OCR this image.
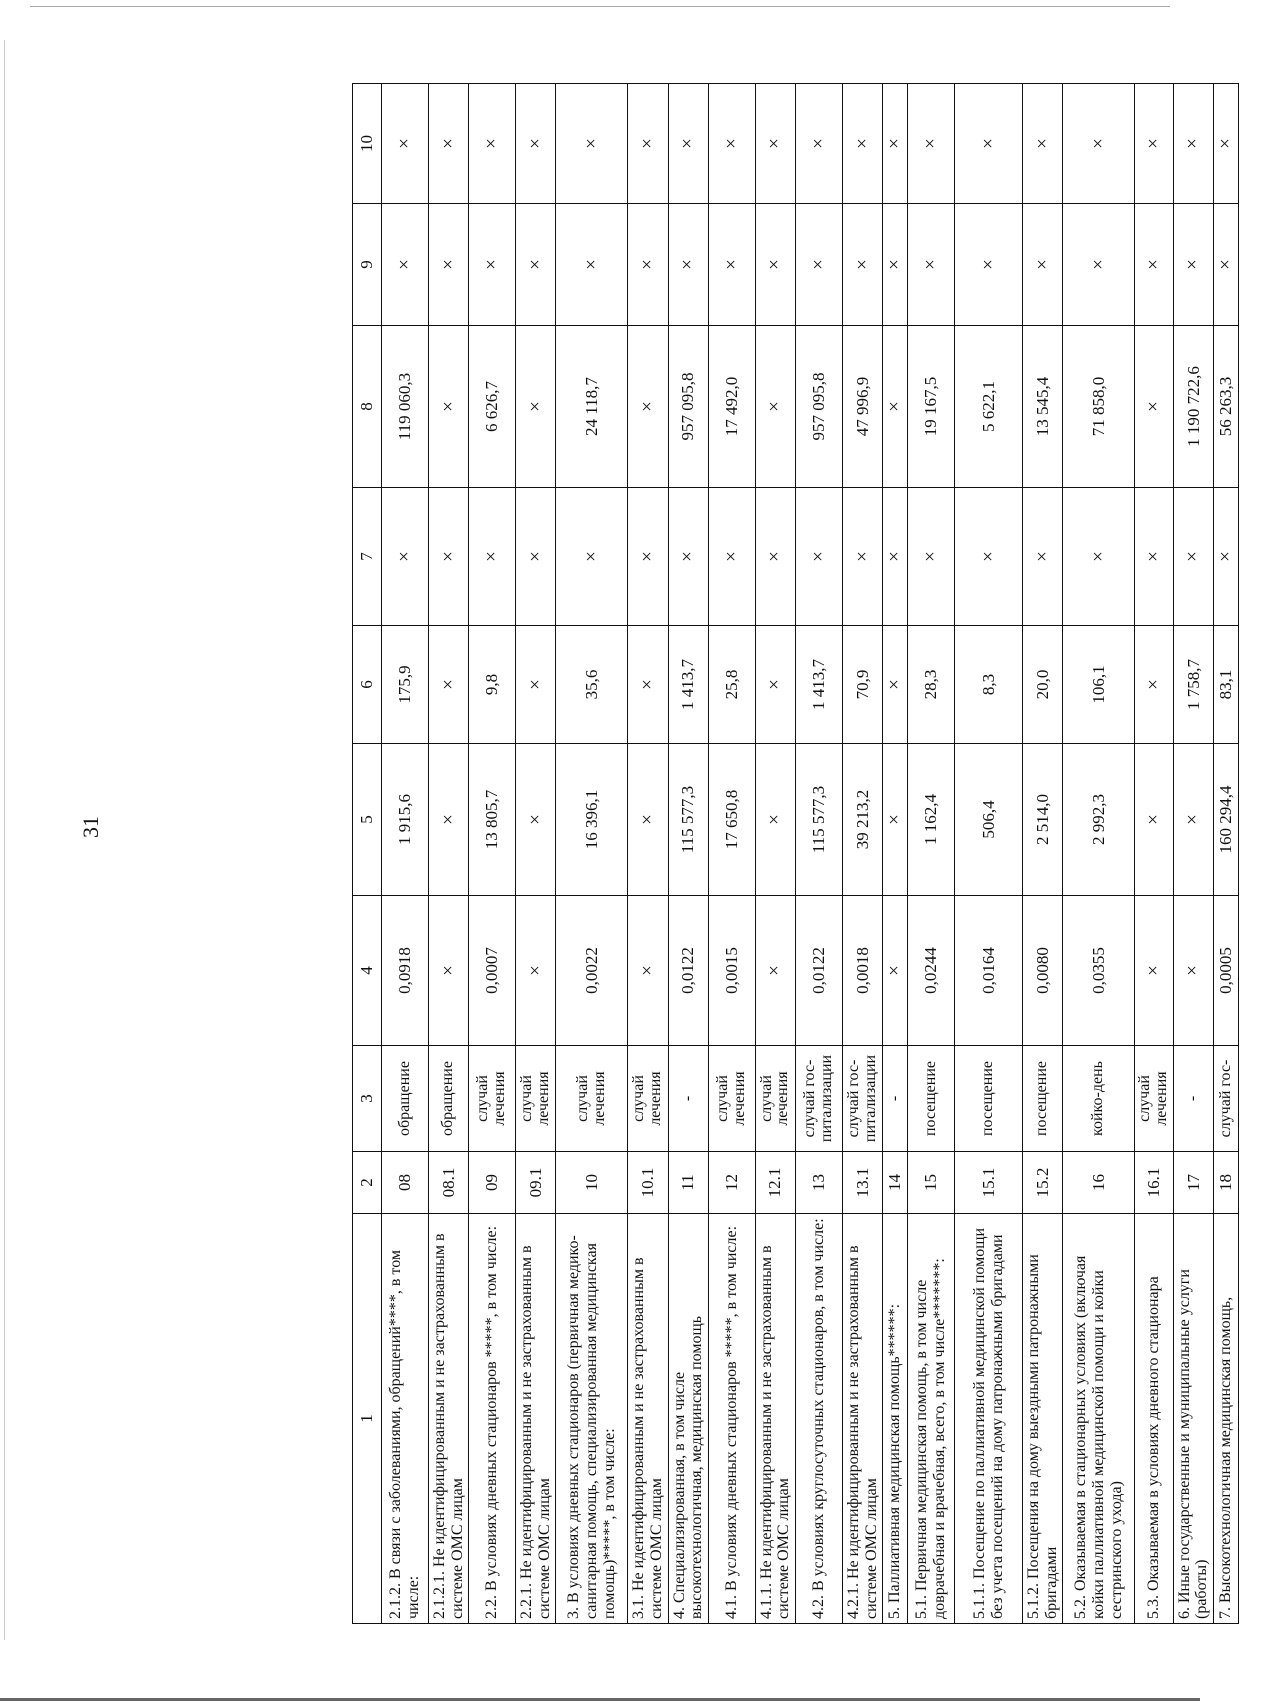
31
1	2	3	4	5	6	7	8	9	10
2.1.2. В связи с заболеваниями, обращений****, в том числе:	08	обращение	0,0918	1 915,6	175,9	×	119 060,3	×	×
2.1.2.1. Не идентифицированным и не застрахованным в системе ОМС лицам	08.1	обращение	×	×	×	×	×	×	×
2.2. В условиях дневных стационаров *****, в том числе:	09	случай лечения	0,0007	13 805,7	9,8	×	6 626,7	×	×
2.2.1. Не идентифицированным и не застрахованным в системе ОМС лицам	09.1	случай лечения	×	×	×	×	×	×	×
3. В условиях дневных стационаров (первичная медико-санитарная помощь, специализированная медицинская помощь)*****, в том числе:	10	случай лечения	0,0022	16 396,1	35,6	×	24 118,7	×	×
3.1. Не идентифицированным и не застрахованным в системе ОМС лицам	10.1	случай лечения	×	×	×	×	×	×	×
4. Специализированная, в том числе высокотехнологичная, медицинская помощь	11	-	0,0122	115 577,3	1 413,7	×	957 095,8	×	×
4.1. В условиях дневных стационаров *****, в том числе:	12	случай лечения	0,0015	17 650,8	25,8	×	17 492,0	×	×
4.1.1. Не идентифицированным и не застрахованным в системе ОМС лицам	12.1	случай лечения	×	×	×	×	×	×	×
4.2. В условиях круглосуточных стационаров, в том числе:	13	случай гос-питализации	0,0122	115 577,3	1 413,7	×	957 095,8	×	×
4.2.1. Не идентифицированным и не застрахованным в системе ОМС лицам	13.1	случай гос-питализации	0,0018	39 213,2	70,9	×	47 996,9	×	×
5. Паллиативная медицинская помощь******:	14	-	×	×	×	×	×	×	×
5.1. Первичная медицинская помощь, в том числе доврачебная и врачебная, всего, в том числе*******:	15	посещение	0,0244	1 162,4	28,3	×	19 167,5	×	×
5.1.1. Посещение по паллиативной медицинской помощи без учета посещений на дому патронажными бригадами	15.1	посещение	0,0164	506,4	8,3	×	5 622,1	×	×
5.1.2. Посещения на дому выездными патронажными бригадами	15.2	посещение	0,0080	2 514,0	20,0	×	13 545,4	×	×
5.2. Оказываемая в стационарных условиях (включая койки паллиативной медицинской помощи и койки сестринского ухода)	16	койко-день	0,0355	2 992,3	106,1	×	71 858,0	×	×
5.3. Оказываемая в условиях дневного стационара	16.1	случай лечения	×	×	×	×	×	×	×
6. Иные государственные и муниципальные услуги (работы)	17	-	×	×	1 758,7	×	1 190 722,6	×	×
7. Высокотехнологичная медицинская помощь,	18	случай гос-	0,0005	160 294,4	83,1	×	56 263,3	×	×
